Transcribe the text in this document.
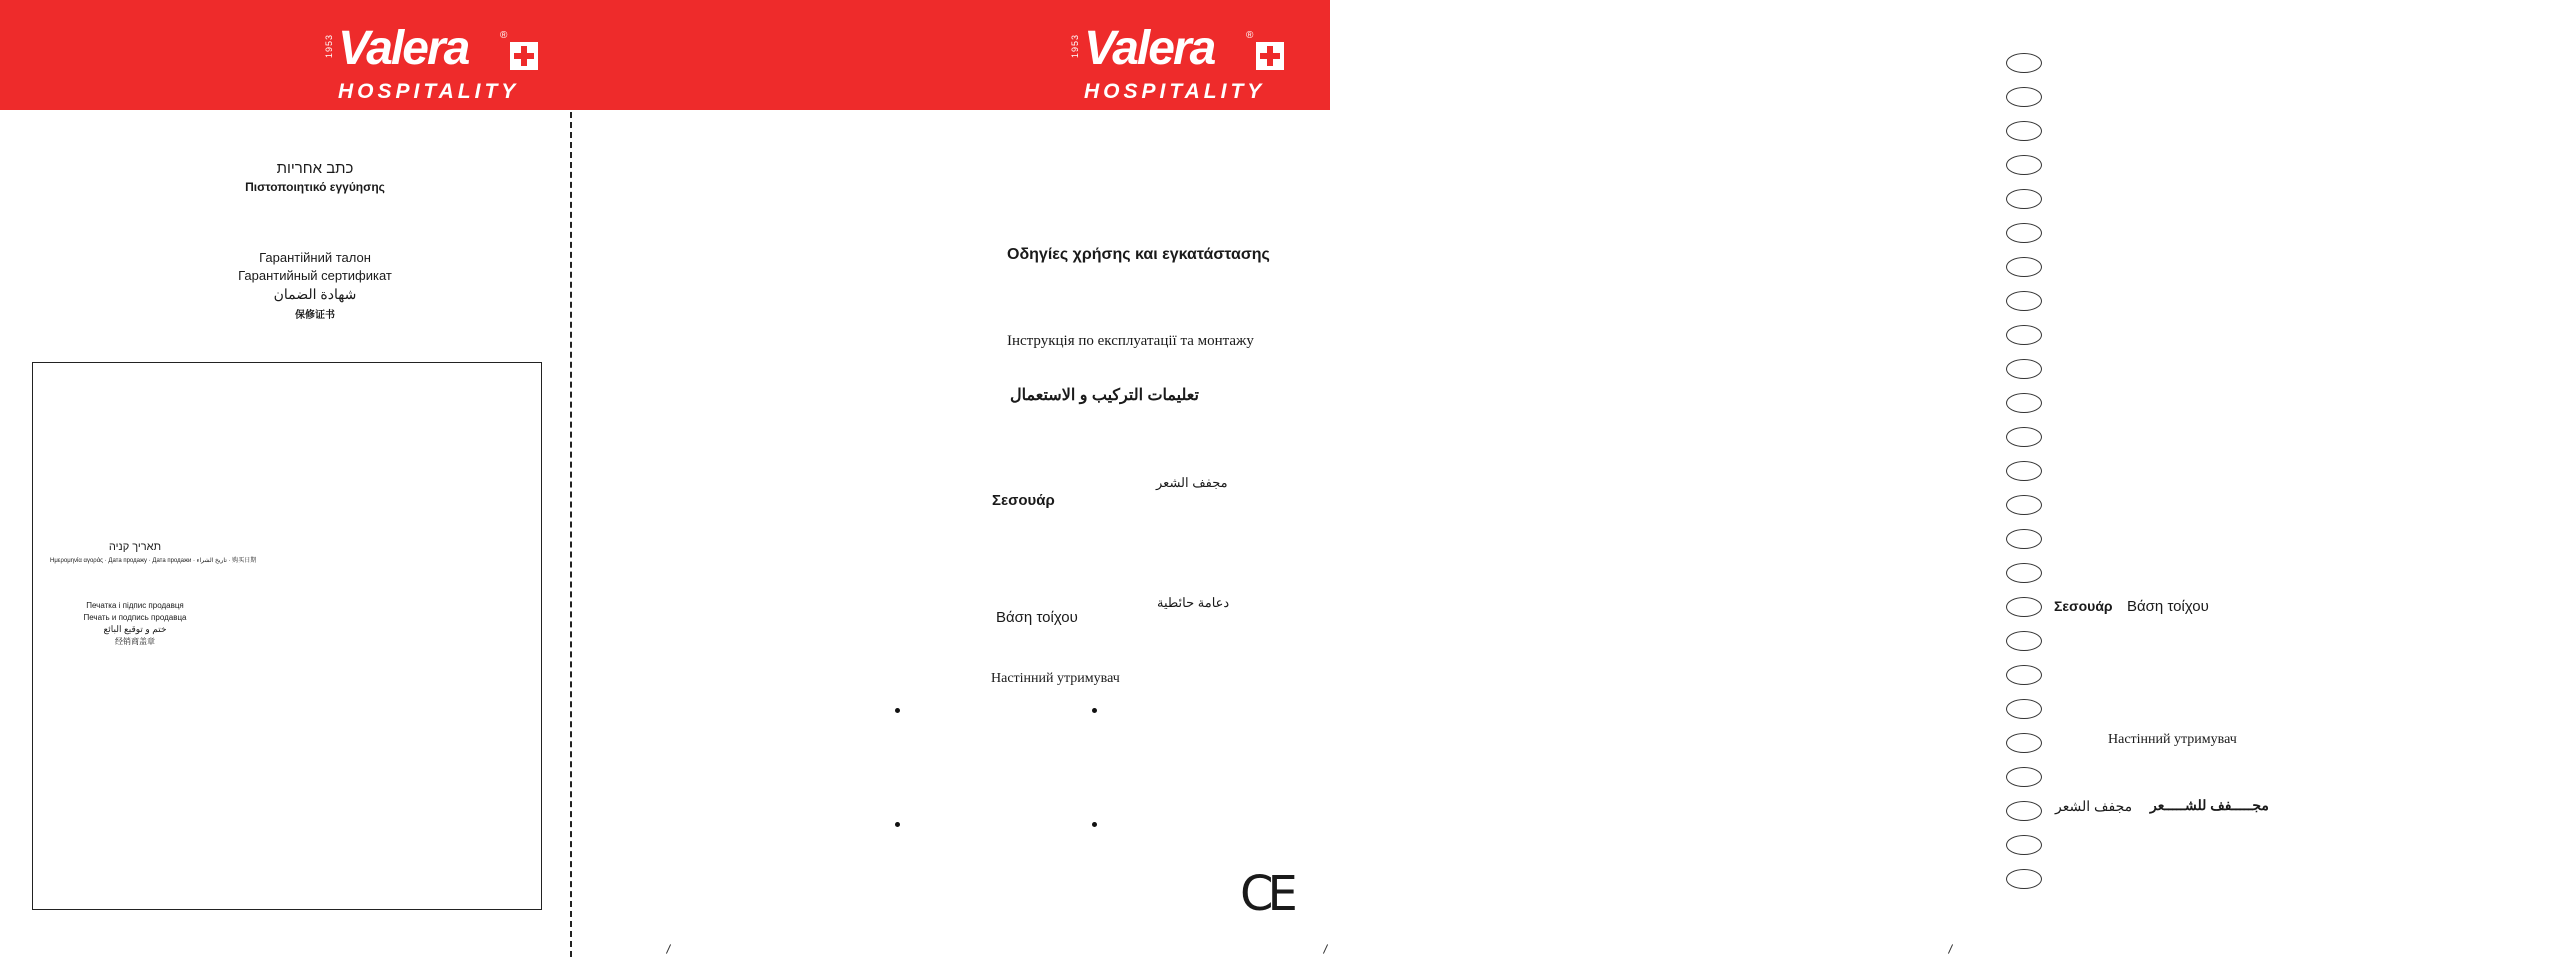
1953 Valera	®
HOSPITALITY
1953 Valera	®
HOSPITALITY
כתב אחריות
Πιστοποιητικό εγγύησης
Гарантійний талон
Гарантийный сертификат
شهادة الضمان
保修证书
תאריך קניה
Ημερομηνία αγοράς · Дата продажу · Дата продажи · تاريخ الشراء · 购买日期
Печатка і підпис продавця
Печать и подпись продавца
ختم و توقيع البائع
经销商盖章
Οδηγίες χρήσης και εγκατάστασης
Інструкція по експлуатації та монтажу
تعليمات التركيب و الاستعمال
مجفف الشعر
Σεσουάρ
دعامة حائطية
Βάση τοίχου
Настінний утримувач
CE
Σεσουάρ Βάση τοίχου
Настінний утримувач
مجفف الشعر مجـــــفف للشـــــعر
